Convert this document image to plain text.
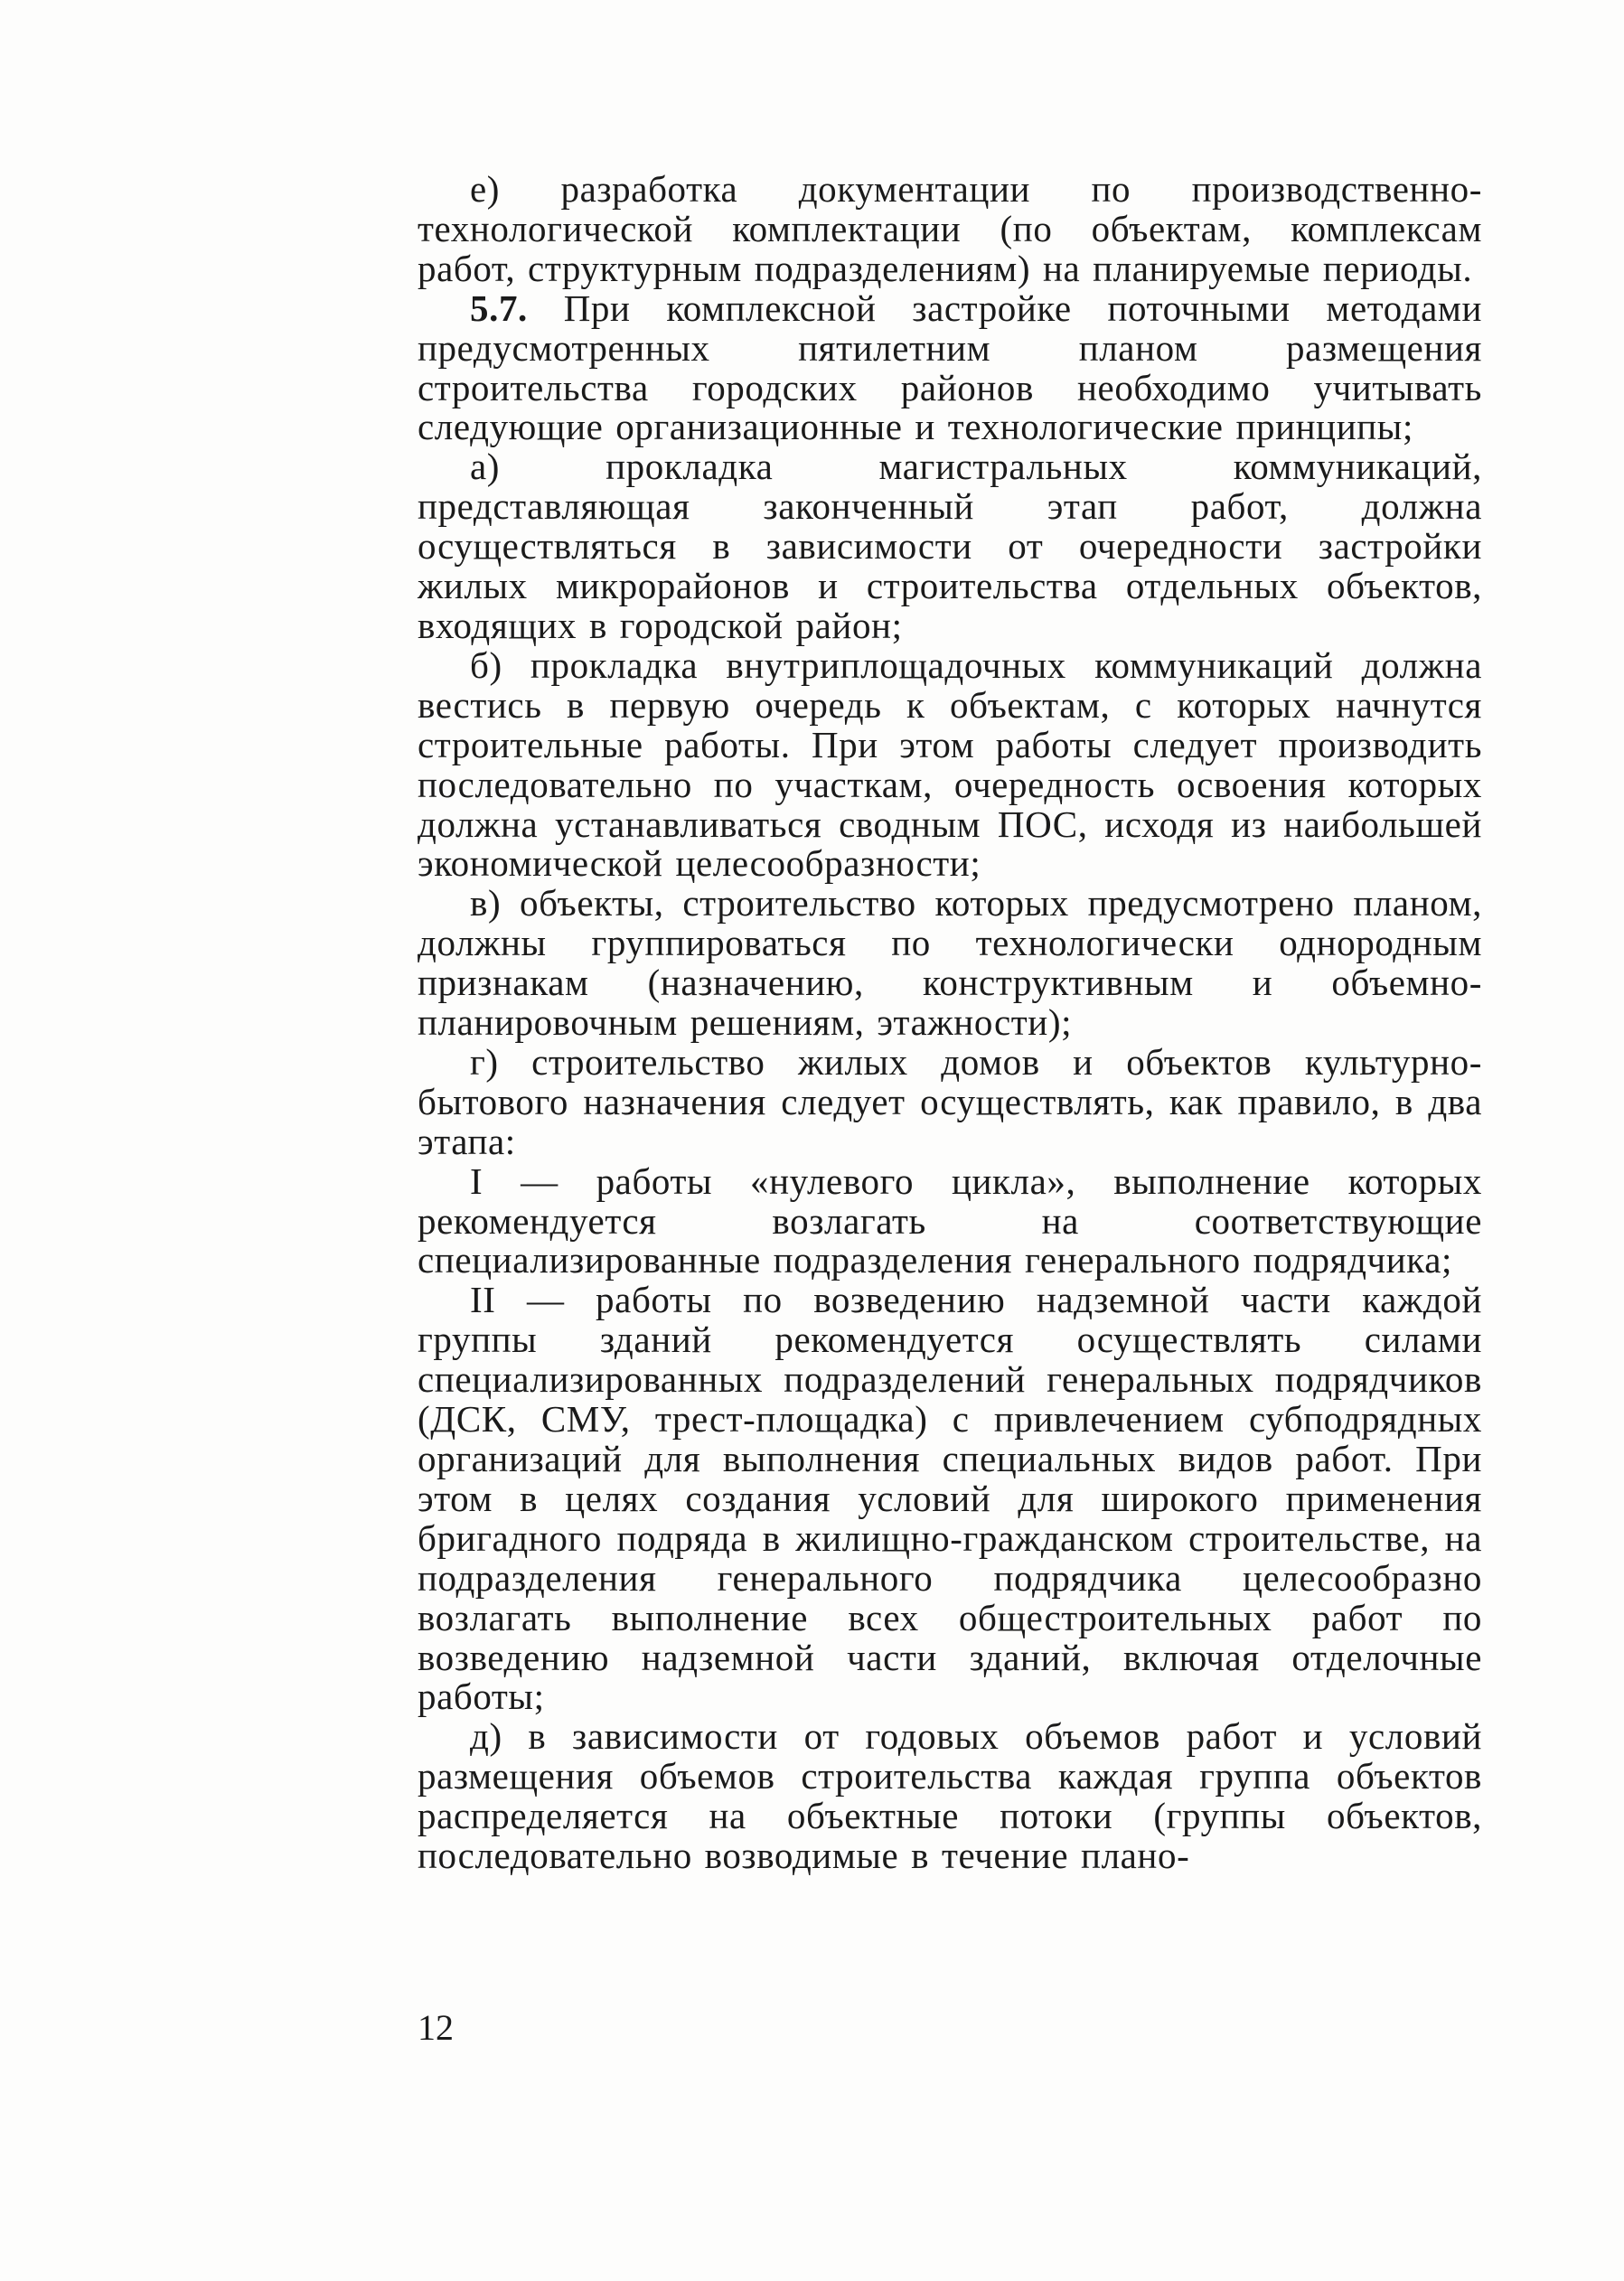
е) разработка документации по производственно-технологической комплектации (по объектам, комплексам работ, структурным подразделениям) на планируемые периоды.

5.7. При комплексной застройке поточными методами предусмотренных пятилетним планом размещения строительства городских районов необходимо учитывать следующие организационные и технологические принципы;

а) прокладка магистральных коммуникаций, представляющая законченный этап работ, должна осуществляться в зависимости от очередности застройки жилых микрорайонов и строительства отдельных объектов, входящих в городской район;

б) прокладка внутриплощадочных коммуникаций должна вестись в первую очередь к объектам, с которых начнутся строительные работы. При этом работы следует производить последовательно по участкам, очередность освоения которых должна устанавливаться сводным ПОС, исходя из наибольшей экономической целесообразности;

в) объекты, строительство которых предусмотрено планом, должны группироваться по технологически однородным признакам (назначению, конструктивным и объемно-планировочным решениям, этажности);

г) строительство жилых домов и объектов культурно-бытового назначения следует осуществлять, как правило, в два этапа:

I — работы «нулевого цикла», выполнение которых рекомендуется возлагать на соответствующие специализированные подразделения генерального подрядчика;

II — работы по возведению надземной части каждой группы зданий рекомендуется осуществлять силами специализированных подразделений генеральных подрядчиков (ДСК, СМУ, трест-площадка) с привлечением субподрядных организаций для выполнения специальных видов работ. При этом в целях создания условий для широкого применения бригадного подряда в жилищно-гражданском строительстве, на подразделения генерального подрядчика целесообразно возлагать выполнение всех общестроительных работ по возведению надземной части зданий, включая отделочные работы;

д) в зависимости от годовых объемов работ и условий размещения объемов строительства каждая группа объектов распределяется на объектные потоки (группы объектов, последовательно возводимые в течение плано-

12
